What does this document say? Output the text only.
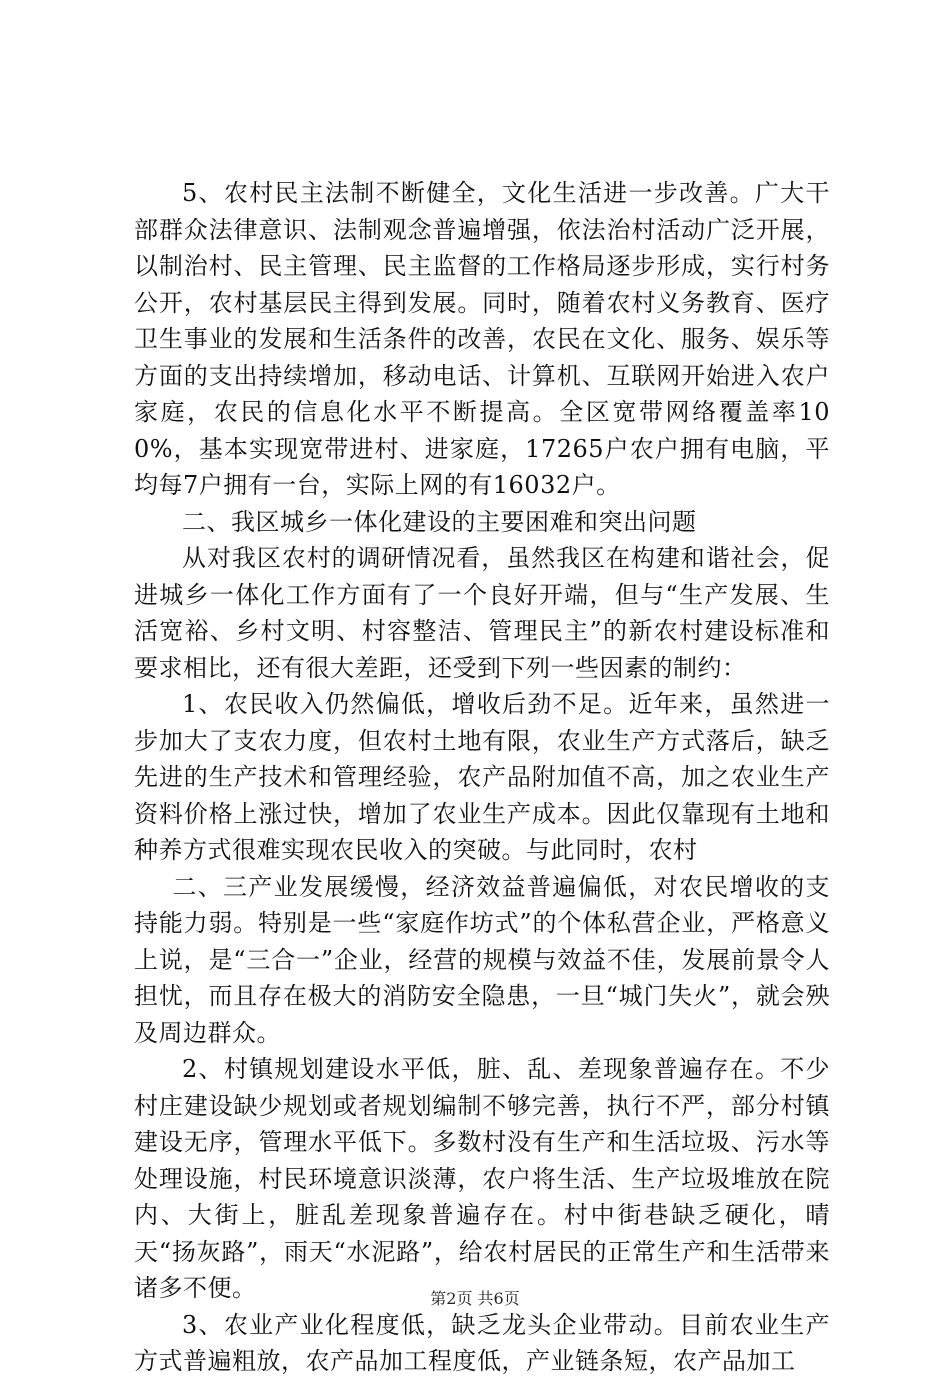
5、农村民主法制不断健全，文化生活进一步改善。广大干部群众法律意识、法制观念普遍增强，依法治村活动广泛开展，以制治村、民主管理、民主监督的工作格局逐步形成，实行村务公开，农村基层民主得到发展。同时，随着农村义务教育、医疗卫生事业的发展和生活条件的改善，农民在文化、服务、娱乐等方面的支出持续增加，移动电话、计算机、互联网开始进入农户家庭，农民的信息化水平不断提高。全区宽带网络覆盖率100%，基本实现宽带进村、进家庭，17265户农户拥有电脑，平均每7户拥有一台，实际上网的有16032户。

二、我区城乡一体化建设的主要困难和突出问题

从对我区农村的调研情况看，虽然我区在构建和谐社会，促进城乡一体化工作方面有了一个良好开端，但与“生产发展、生活宽裕、乡村文明、村容整洁、管理民主”的新农村建设标准和要求相比，还有很大差距，还受到下列一些因素的制约：

1、农民收入仍然偏低，增收后劲不足。近年来，虽然进一步加大了支农力度，但农村土地有限，农业生产方式落后，缺乏先进的生产技术和管理经验，农产品附加值不高，加之农业生产资料价格上涨过快，增加了农业生产成本。因此仅靠现有土地和种养方式很难实现农民收入的突破。与此同时，农村

二、三产业发展缓慢，经济效益普遍偏低，对农民增收的支持能力弱。特别是一些“家庭作坊式”的个体私营企业，严格意义上说，是“三合一”企业，经营的规模与效益不佳，发展前景令人担忧，而且存在极大的消防安全隐患，一旦“城门失火”，就会殃及周边群众。

2、村镇规划建设水平低，脏、乱、差现象普遍存在。不少村庄建设缺少规划或者规划编制不够完善，执行不严，部分村镇建设无序，管理水平低下。多数村没有生产和生活垃圾、污水等处理设施，村民环境意识淡薄，农户将生活、生产垃圾堆放在院内、大街上，脏乱差现象普遍存在。村中街巷缺乏硬化，晴天“扬灰路”，雨天“水泥路”，给农村居民的正常生产和生活带来诸多不便。

3、农业产业化程度低，缺乏龙头企业带动。目前农业生产方式普遍粗放，农产品加工程度低，产业链条短，农产品加工

第2页 共6页
